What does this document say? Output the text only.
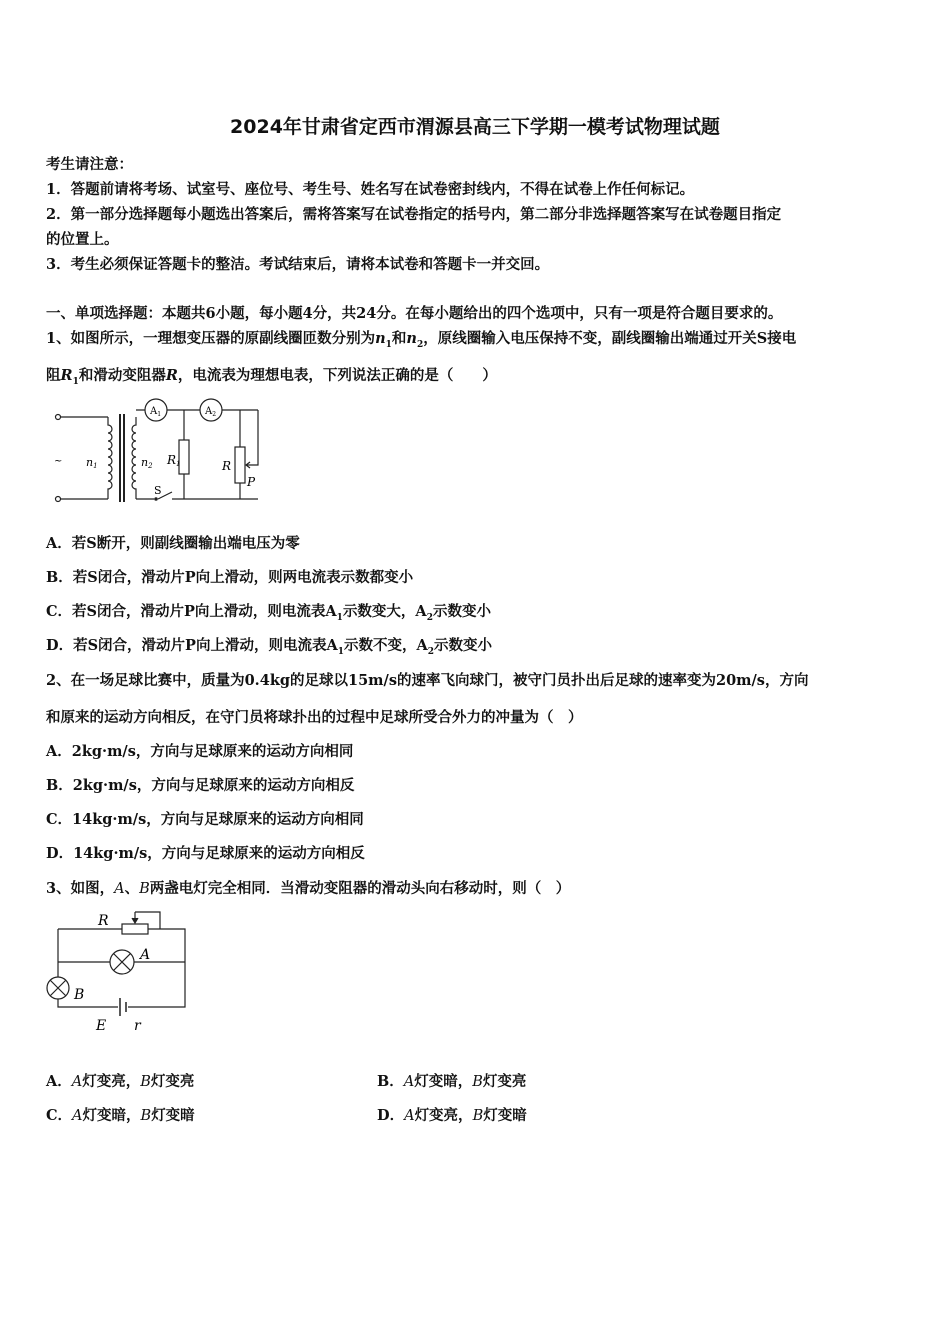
2024年甘肃省定西市渭源县高三下学期一模考试物理试题
考生请注意：
1．答题前请将考场、试室号、座位号、考生号、姓名写在试卷密封线内，不得在试卷上作任何标记。
2．第一部分选择题每小题选出答案后，需将答案写在试卷指定的括号内，第二部分非选择题答案写在试卷题目指定
的位置上。
3．考生必须保证答题卡的整洁。考试结束后，请将本试卷和答题卡一并交回。
一、单项选择题：本题共6小题，每小题4分，共24分。在每小题给出的四个选项中，只有一项是符合题目要求的。
1、如图所示，一理想变压器的原副线圈匝数分别为$n_1$和$n_2$，原线圈输入电压保持不变，副线圈输出端通过开关S接电
阻$R_1$和滑动变阻器R，电流表为理想电表，下列说法正确的是（　　）
~ n1	n2
$A_1$	$A_2$
R1	R
P
S
A．若S断开，则副线圈输出端电压为零
B．若S闭合，滑动片P向上滑动，则两电流表示数都变小
C．若S闭合，滑动片P向上滑动，则电流表$A_1$示数变大，$A_2$示数变小
D．若S闭合，滑动片P向上滑动，则电流表$A_1$示数不变，$A_2$示数变小
2、在一场足球比赛中，质量为0.4kg的足球以15m/s的速率飞向球门，被守门员扑出后足球的速率变为20m/s，方向
和原来的运动方向相反，在守门员将球扑出的过程中足球所受合外力的冲量为（　）
A．2kg·m/s，方向与足球原来的运动方向相同
B．2kg·m/s，方向与足球原来的运动方向相反
C．14kg·m/s，方向与足球原来的运动方向相同
D．14kg·m/s，方向与足球原来的运动方向相反
3、如图，A、B两盏电灯完全相同．当滑动变阻器的滑动头向右移动时，则（　）
R
A
B
E r
A．A灯变亮，B灯变亮	B．A灯变暗，B灯变亮
C．A灯变暗，B灯变暗	D．A灯变亮，B灯变暗
